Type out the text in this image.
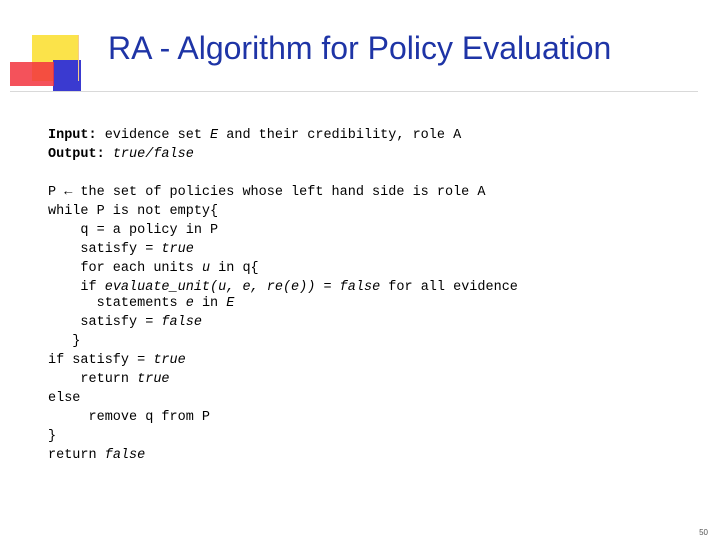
RA - Algorithm for Policy Evaluation
Input: evidence set E and their credibility, role A
Output: true/false
P ← the set of policies whose left hand side is role A
while P is not empty{
q = a policy in P
satisfy = true
for each units u in q{
if evaluate_unit(u, e, re(e)) = false for all evidence
statements e in E
satisfy = false
}
if satisfy = true
return true
else
remove q from P
}
return false
50
